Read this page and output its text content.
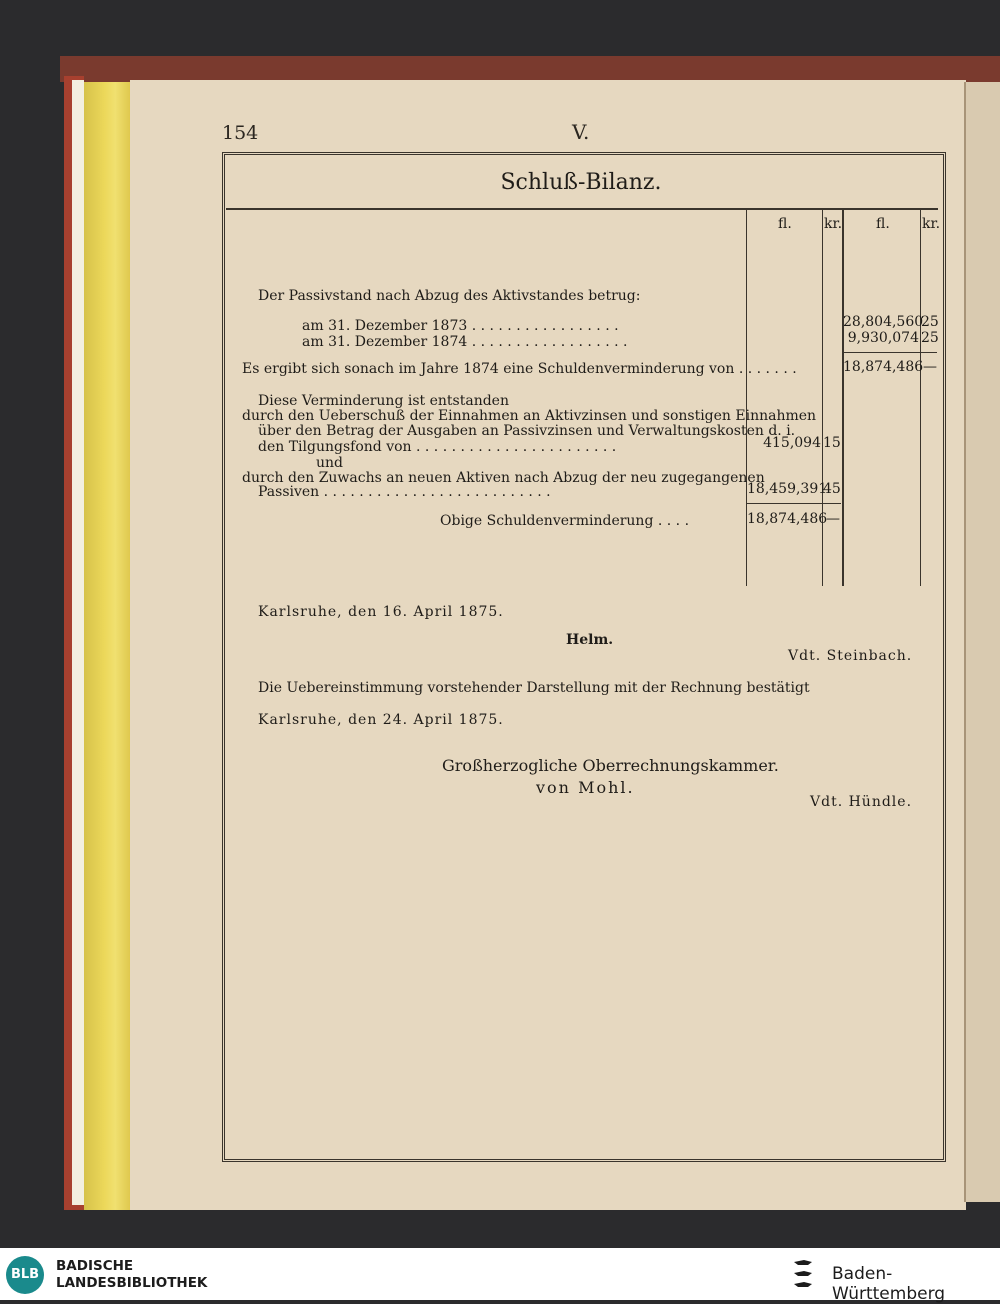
154	V.
Schluß-Bilanz.
fl. kr. fl. kr.
Der Passivstand nach Abzug des Aktivstandes betrug:
am 31. Dezember 1873 . . . . . . . . . . . . . . . . .
am 31. Dezember 1874 . . . . . . . . . . . . . . . . . .
Es ergibt sich sonach im Jahre 1874 eine Schuldenverminderung von . . . . . . .
Diese Verminderung ist entstanden
durch den Ueberschuß der Einnahmen an Aktivzinsen und sonstigen Einnahmen
über den Betrag der Ausgaben an Passivzinsen und Verwaltungskosten d. i.
den Tilgungsfond von . . . . . . . . . . . . . . . . . . . . . . .
und
durch den Zuwachs an neuen Aktiven nach Abzug der neu zugegangenen
Passiven . . . . . . . . . . . . . . . . . . . . . . . . . .
Obige Schuldenverminderung . . . .
28,804,560
25
9,930,074 25
18,874,486 —
415,094 15
18,459,391
45
18,874,486
—
Karlsruhe, den 16. April 1875.
Helm.
Vdt. Steinbach.
Die Uebereinstimmung vorstehender Darstellung mit der Rechnung bestätigt
Karlsruhe, den 24. April 1875.
Großherzogliche Oberrechnungskammer.
von Mohl.
Vdt. Hündle.
BLB
BADISCHE
LANDESBIBLIOTHEK	Baden-Württemberg
